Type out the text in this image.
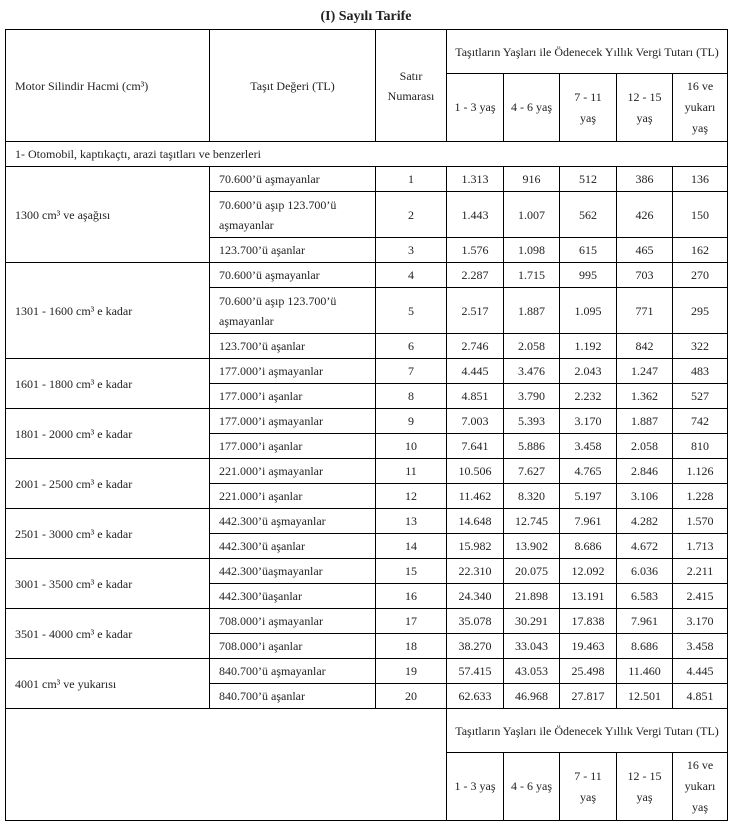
(I) Sayılı Tarife
Motor Silindir Hacmi (cm³)	Taşıt Değeri (TL)	Satır Numarası	Taşıtların Yaşları ile Ödenecek Yıllık Vergi Tutarı (TL)				
			1 - 3 yaş	4 - 6 yaş	7 - 11 yaş	12 - 15 yaş	16 ve yukarı yaş
1- Otomobil, kaptıkaçtı, arazi taşıtları ve benzerleri							
1300 cm³ ve aşağısı	70.600’ü aşmayanlar	1	1.313	916	512	386	136
	70.600’ü aşıp 123.700’ü aşmayanlar	2	1.443	1.007	562	426	150
	123.700’ü aşanlar	3	1.576	1.098	615	465	162
1301 - 1600 cm³ e kadar	70.600’ü aşmayanlar	4	2.287	1.715	995	703	270
	70.600’ü aşıp 123.700’ü aşmayanlar	5	2.517	1.887	1.095	771	295
	123.700’ü aşanlar	6	2.746	2.058	1.192	842	322
1601 - 1800 cm³ e kadar	177.000’i aşmayanlar	7	4.445	3.476	2.043	1.247	483
	177.000’i aşanlar	8	4.851	3.790	2.232	1.362	527
1801 - 2000 cm³ e kadar	177.000’i aşmayanlar	9	7.003	5.393	3.170	1.887	742
	177.000’i aşanlar	10	7.641	5.886	3.458	2.058	810
2001 - 2500 cm³ e kadar	221.000’i aşmayanlar	11	10.506	7.627	4.765	2.846	1.126
	221.000’i aşanlar	12	11.462	8.320	5.197	3.106	1.228
2501 - 3000 cm³ e kadar	442.300’ü aşmayanlar	13	14.648	12.745	7.961	4.282	1.570
	442.300’ü aşanlar	14	15.982	13.902	8.686	4.672	1.713
3001 - 3500 cm³ e kadar	442.300’üaşmayanlar	15	22.310	20.075	12.092	6.036	2.211
	442.300’üaşanlar	16	24.340	21.898	13.191	6.583	2.415
3501 - 4000 cm³ e kadar	708.000’i aşmayanlar	17	35.078	30.291	17.838	7.961	3.170
	708.000’i aşanlar	18	38.270	33.043	19.463	8.686	3.458
4001 cm³ ve yukarısı	840.700’ü aşmayanlar	19	57.415	43.053	25.498	11.460	4.445
	840.700’ü aşanlar	20	62.633	46.968	27.817	12.501	4.851
			Taşıtların Yaşları ile Ödenecek Yıllık Vergi Tutarı (TL)				
			1 - 3 yaş	4 - 6 yaş	7 - 11 yaş	12 - 15 yaş	16 ve yukarı yaş
